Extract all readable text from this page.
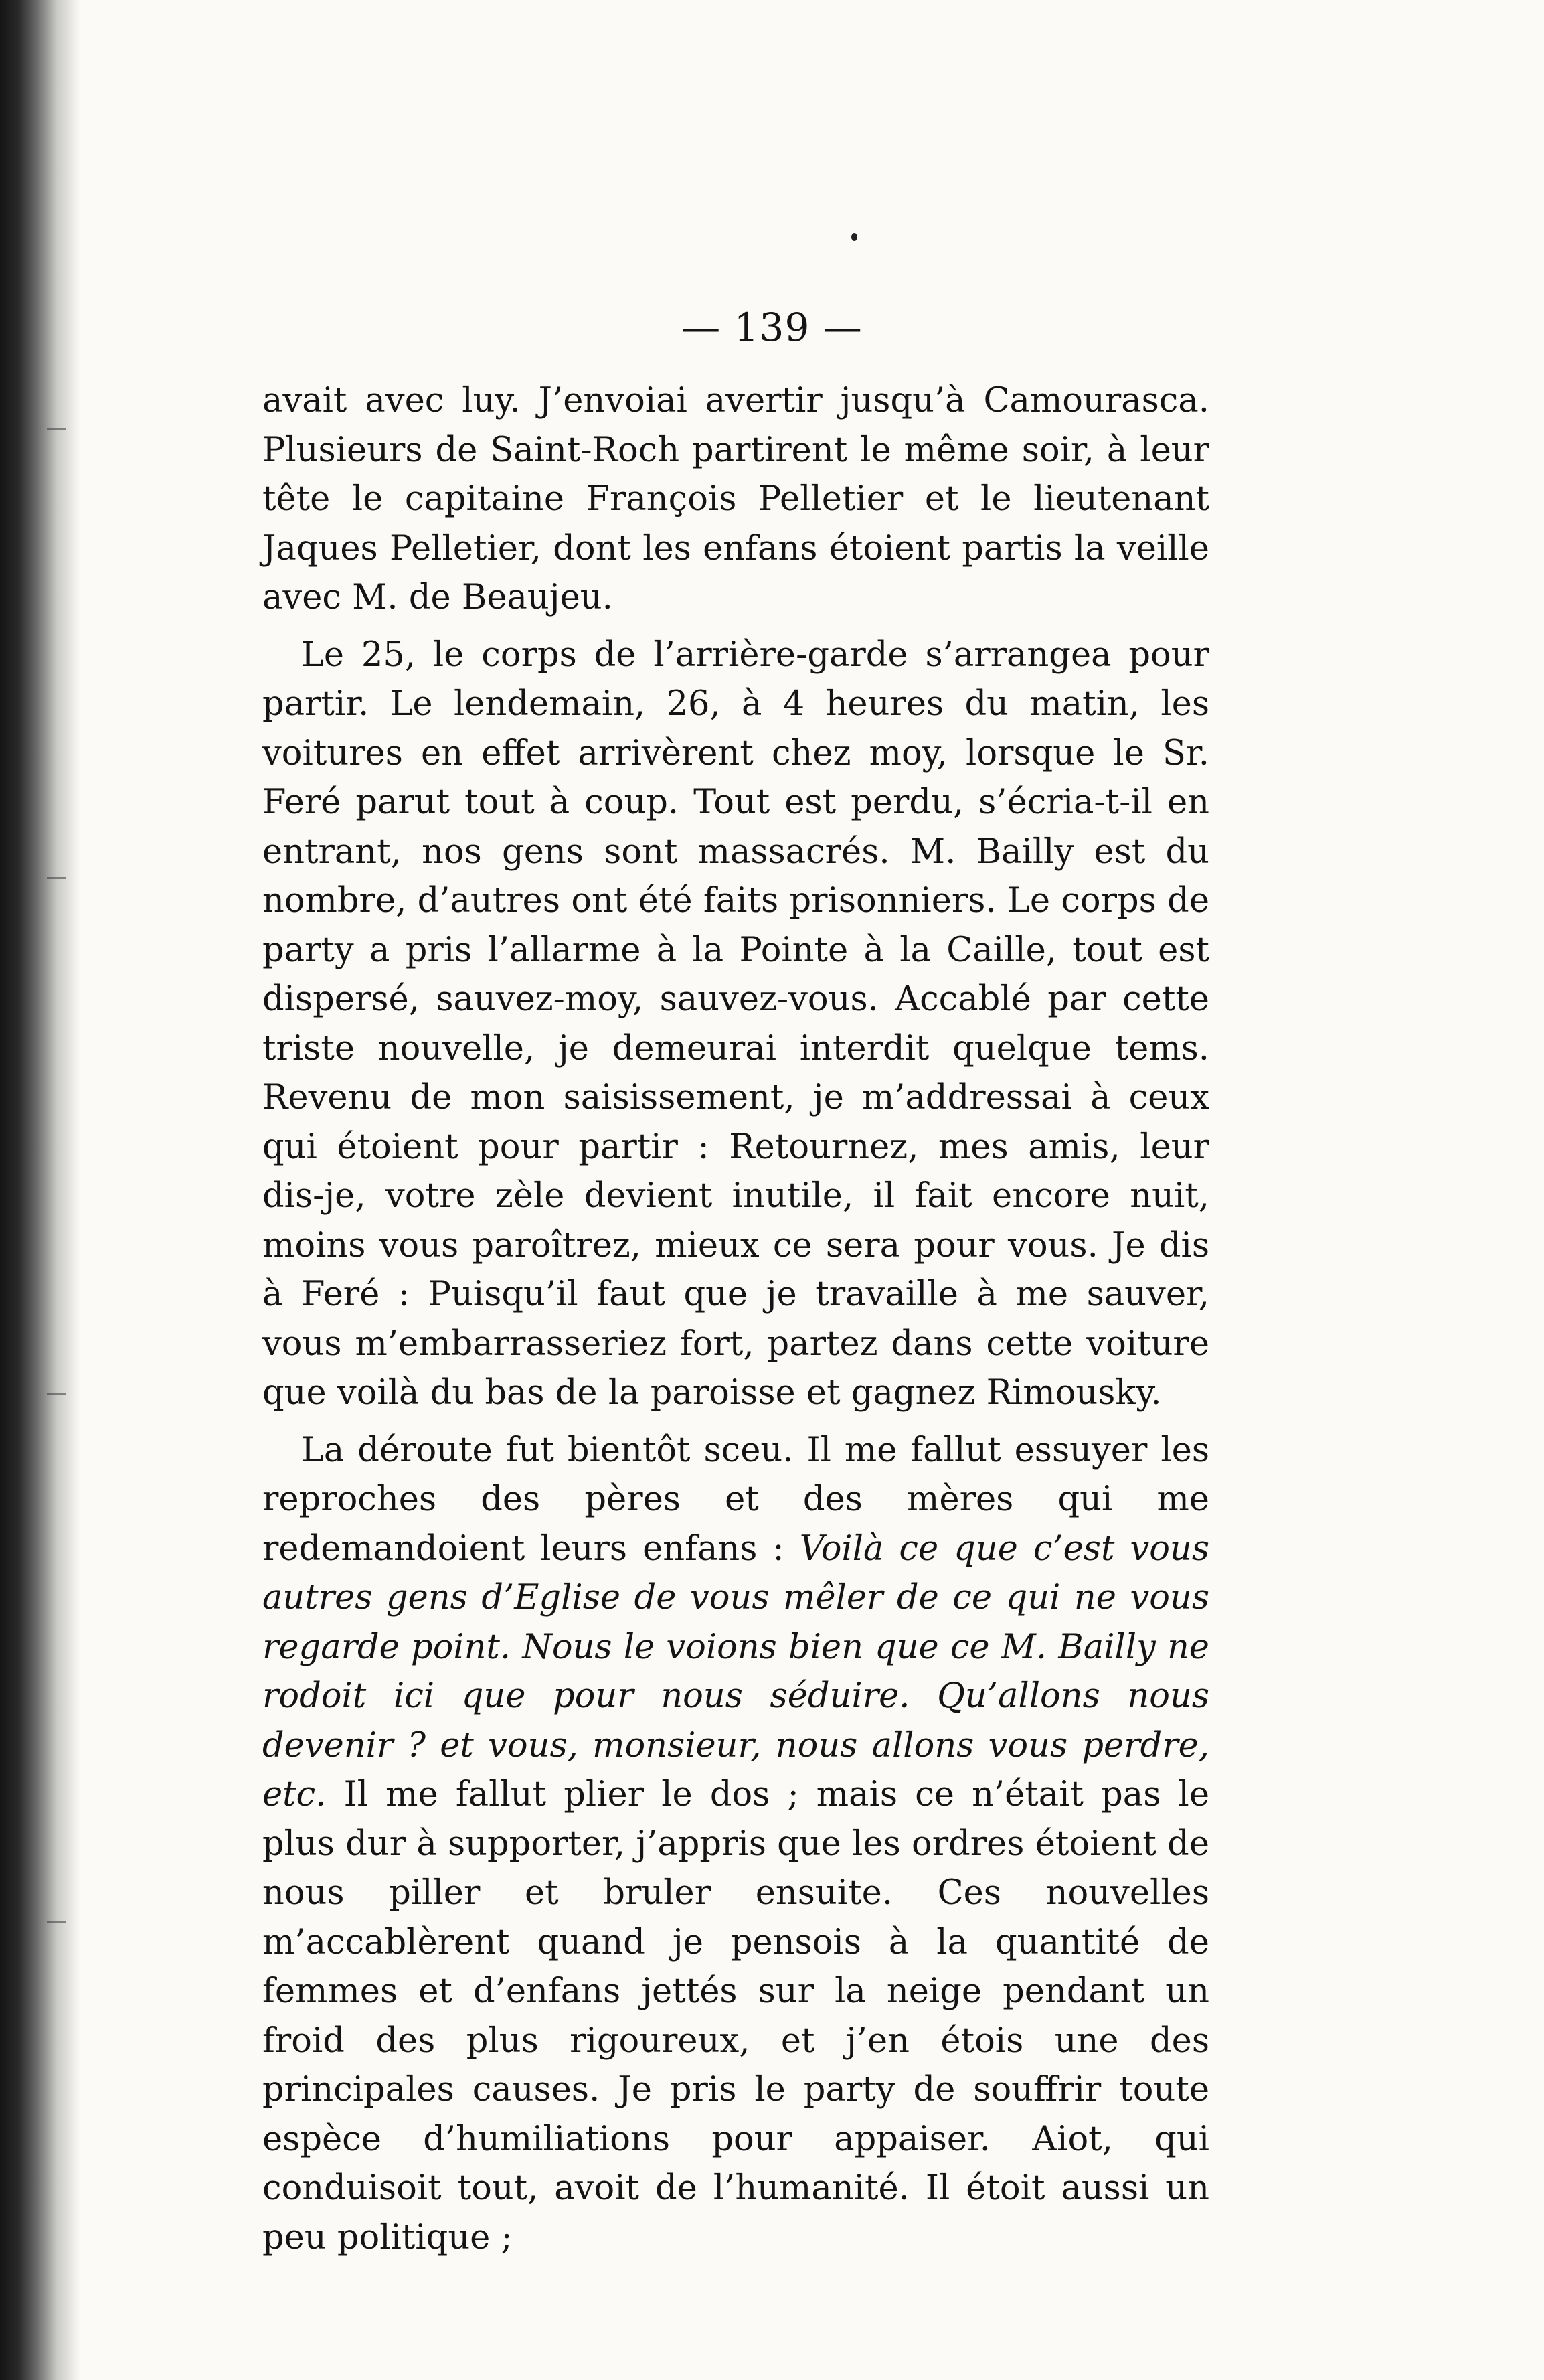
— 139 —

avait avec luy. J’envoiai avertir jusqu’à Camourasca. Plusieurs de Saint-Roch partirent le même soir, à leur tête le capitaine François Pelletier et le lieutenant Jaques Pelletier, dont les enfans étoient partis la veille avec M. de Beaujeu.

Le 25, le corps de l’arrière-garde s’arrangea pour partir. Le lendemain, 26, à 4 heures du matin, les voitures en effet arrivèrent chez moy, lorsque le Sr. Feré parut tout à coup. Tout est perdu, s’écria-t-il en entrant, nos gens sont massacrés. M. Bailly est du nombre, d’autres ont été faits prisonniers. Le corps de party a pris l’allarme à la Pointe à la Caille, tout est dispersé, sauvez-moy, sauvez-vous. Accablé par cette triste nouvelle, je demeurai interdit quelque tems. Revenu de mon saisissement, je m’addressai à ceux qui étoient pour partir : Retournez, mes amis, leur dis-je, votre zèle devient inutile, il fait encore nuit, moins vous paroîtrez, mieux ce sera pour vous. Je dis à Feré : Puisqu’il faut que je travaille à me sauver, vous m’embarrasseriez fort, partez dans cette voiture que voilà du bas de la paroisse et gagnez Rimousky.

La déroute fut bientôt sceu. Il me fallut essuyer les reproches des pères et des mères qui me redemandoient leurs enfans : Voilà ce que c’est vous autres gens d’Eglise de vous mêler de ce qui ne vous regarde point. Nous le voions bien que ce M. Bailly ne rodoit ici que pour nous séduire. Qu’allons nous devenir ? et vous, monsieur, nous allons vous perdre, etc. Il me fallut plier le dos ; mais ce n’était pas le plus dur à supporter, j’appris que les ordres étoient de nous piller et bruler ensuite. Ces nouvelles m’accablèrent quand je pensois à la quantité de femmes et d’enfans jettés sur la neige pendant un froid des plus rigoureux, et j’en étois une des principales causes. Je pris le party de souffrir toute espèce d’humiliations pour appaiser. Aiot, qui conduisoit tout, avoit de l’humanité. Il étoit aussi un peu politique ;
